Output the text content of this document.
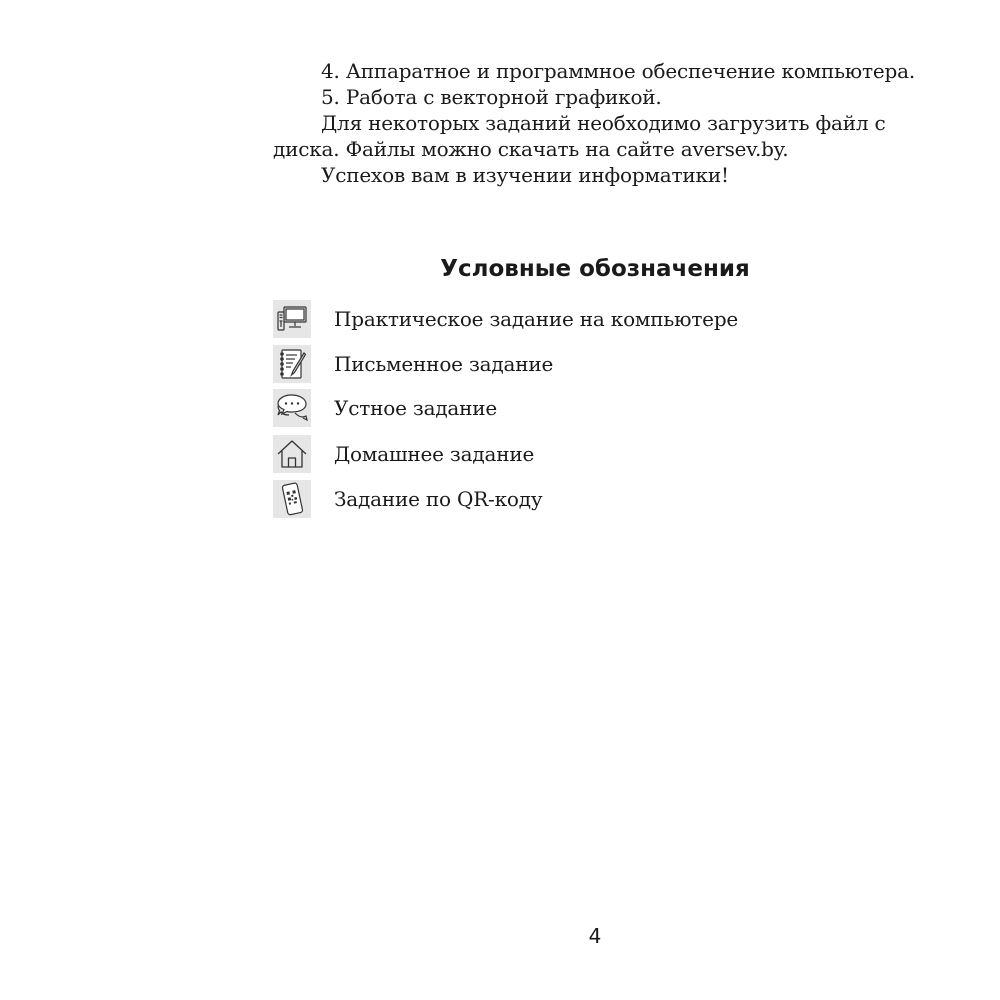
4. Аппаратное и программное обеспечение компьютера.

5. Работа с векторной графикой.

Для некоторых заданий необходимо загрузить файл с диска. Файлы можно скачать на сайте aversev.by.

Успехов вам в изучении информатики!

Условные обозначения
Практическое задание на компьютере
Письменное задание
Устное задание
Домашнее задание
Задание по QR-коду
4
